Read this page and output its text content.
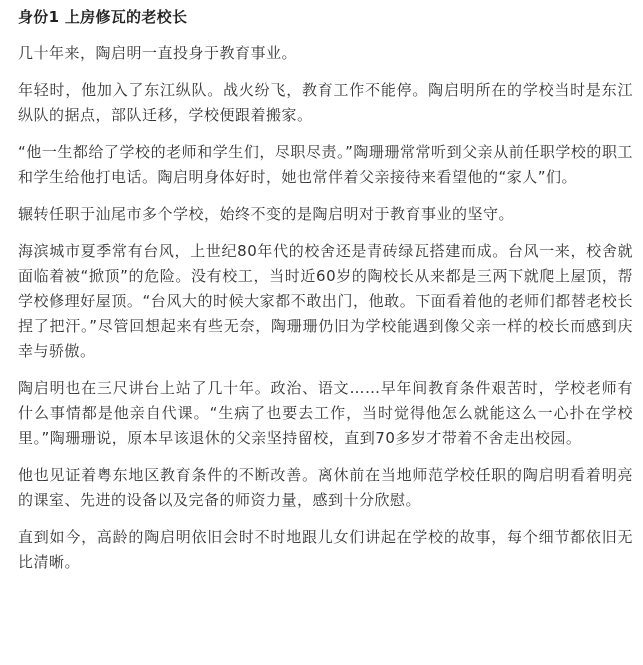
身份1 上房修瓦的老校长

几十年来，陶启明一直投身于教育事业。

年轻时，他加入了东江纵队。战火纷飞，教育工作不能停。陶启明所在的学校当时是东江纵队的据点，部队迁移，学校便跟着搬家。

“他一生都给了学校的老师和学生们，尽职尽责。”陶珊珊常常听到父亲从前任职学校的职工和学生给他打电话。陶启明身体好时，她也常伴着父亲接待来看望他的“家人”们。

辗转任职于汕尾市多个学校，始终不变的是陶启明对于教育事业的坚守。

海滨城市夏季常有台风，上世纪80年代的校舍还是青砖绿瓦搭建而成。台风一来，校舍就面临着被“掀顶”的危险。没有校工，当时近60岁的陶校长从来都是三两下就爬上屋顶，帮学校修理好屋顶。“台风大的时候大家都不敢出门，他敢。下面看着他的老师们都替老校长捏了把汗。”尽管回想起来有些无奈，陶珊珊仍旧为学校能遇到像父亲一样的校长而感到庆幸与骄傲。

陶启明也在三尺讲台上站了几十年。政治、语文……早年间教育条件艰苦时，学校老师有什么事情都是他亲自代课。“生病了也要去工作，当时觉得他怎么就能这么一心扑在学校里。”陶珊珊说，原本早该退休的父亲坚持留校，直到70多岁才带着不舍走出校园。

他也见证着粤东地区教育条件的不断改善。离休前在当地师范学校任职的陶启明看着明亮的课室、先进的设备以及完备的师资力量，感到十分欣慰。

直到如今，高龄的陶启明依旧会时不时地跟儿女们讲起在学校的故事，每个细节都依旧无比清晰。
